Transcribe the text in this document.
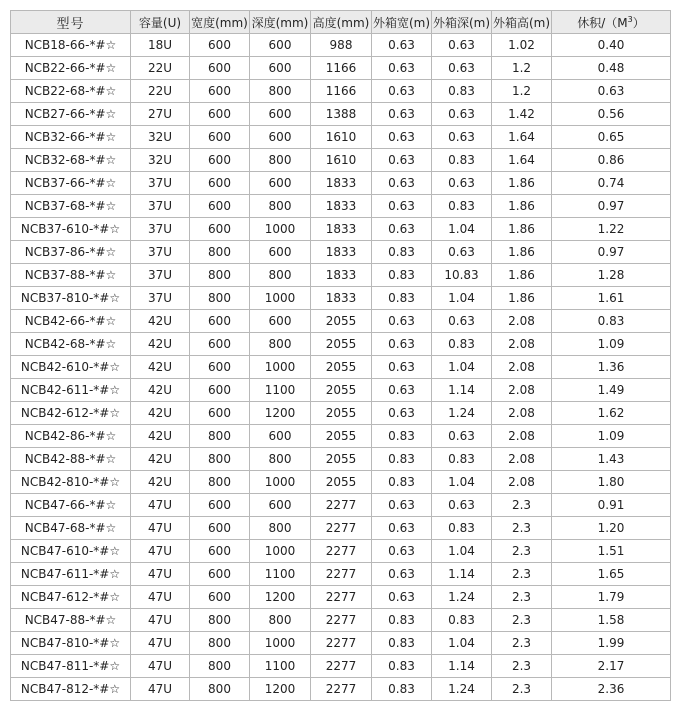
型号	容量(U)	宽度(mm)	深度(mm)	高度(mm)	外箱宽(m)	外箱深(m)	外箱高(m)	休积$/(M^3)$
NCB18-66-*#☆	18U	600	600	988	0.63	0.63	1.02	0.40
NCB22-66-*#☆	22U	600	600	1166	0.63	0.63	1.2	0.48
NCB22-68-*#☆	22U	600	800	1166	0.63	0.83	1.2	0.63
NCB27-66-*#☆	27U	600	600	1388	0.63	0.63	1.42	0.56
NCB32-66-*#☆	32U	600	600	1610	0.63	0.63	1.64	0.65
NCB32-68-*#☆	32U	600	800	1610	0.63	0.83	1.64	0.86
NCB37-66-*#☆	37U	600	600	1833	0.63	0.63	1.86	0.74
NCB37-68-*#☆	37U	600	800	1833	0.63	0.83	1.86	0.97
NCB37-610-*#☆	37U	600	1000	1833	0.63	1.04	1.86	1.22
NCB37-86-*#☆	37U	800	600	1833	0.83	0.63	1.86	0.97
NCB37-88-*#☆	37U	800	800	1833	0.83	10.83	1.86	1.28
NCB37-810-*#☆	37U	800	1000	1833	0.83	1.04	1.86	1.61
NCB42-66-*#☆	42U	600	600	2055	0.63	0.63	2.08	0.83
NCB42-68-*#☆	42U	600	800	2055	0.63	0.83	2.08	1.09
NCB42-610-*#☆	42U	600	1000	2055	0.63	1.04	2.08	1.36
NCB42-611-*#☆	42U	600	1100	2055	0.63	1.14	2.08	1.49
NCB42-612-*#☆	42U	600	1200	2055	0.63	1.24	2.08	1.62
NCB42-86-*#☆	42U	800	600	2055	0.83	0.63	2.08	1.09
NCB42-88-*#☆	42U	800	800	2055	0.83	0.83	2.08	1.43
NCB42-810-*#☆	42U	800	1000	2055	0.83	1.04	2.08	1.80
NCB47-66-*#☆	47U	600	600	2277	0.63	0.63	2.3	0.91
NCB47-68-*#☆	47U	600	800	2277	0.63	0.83	2.3	1.20
NCB47-610-*#☆	47U	600	1000	2277	0.63	1.04	2.3	1.51
NCB47-611-*#☆	47U	600	1100	2277	0.63	1.14	2.3	1.65
NCB47-612-*#☆	47U	600	1200	2277	0.63	1.24	2.3	1.79
NCB47-88-*#☆	47U	800	800	2277	0.83	0.83	2.3	1.58
NCB47-810-*#☆	47U	800	1000	2277	0.83	1.04	2.3	1.99
NCB47-811-*#☆	47U	800	1100	2277	0.83	1.14	2.3	2.17
NCB47-812-*#☆	47U	800	1200	2277	0.83	1.24	2.3	2.36
